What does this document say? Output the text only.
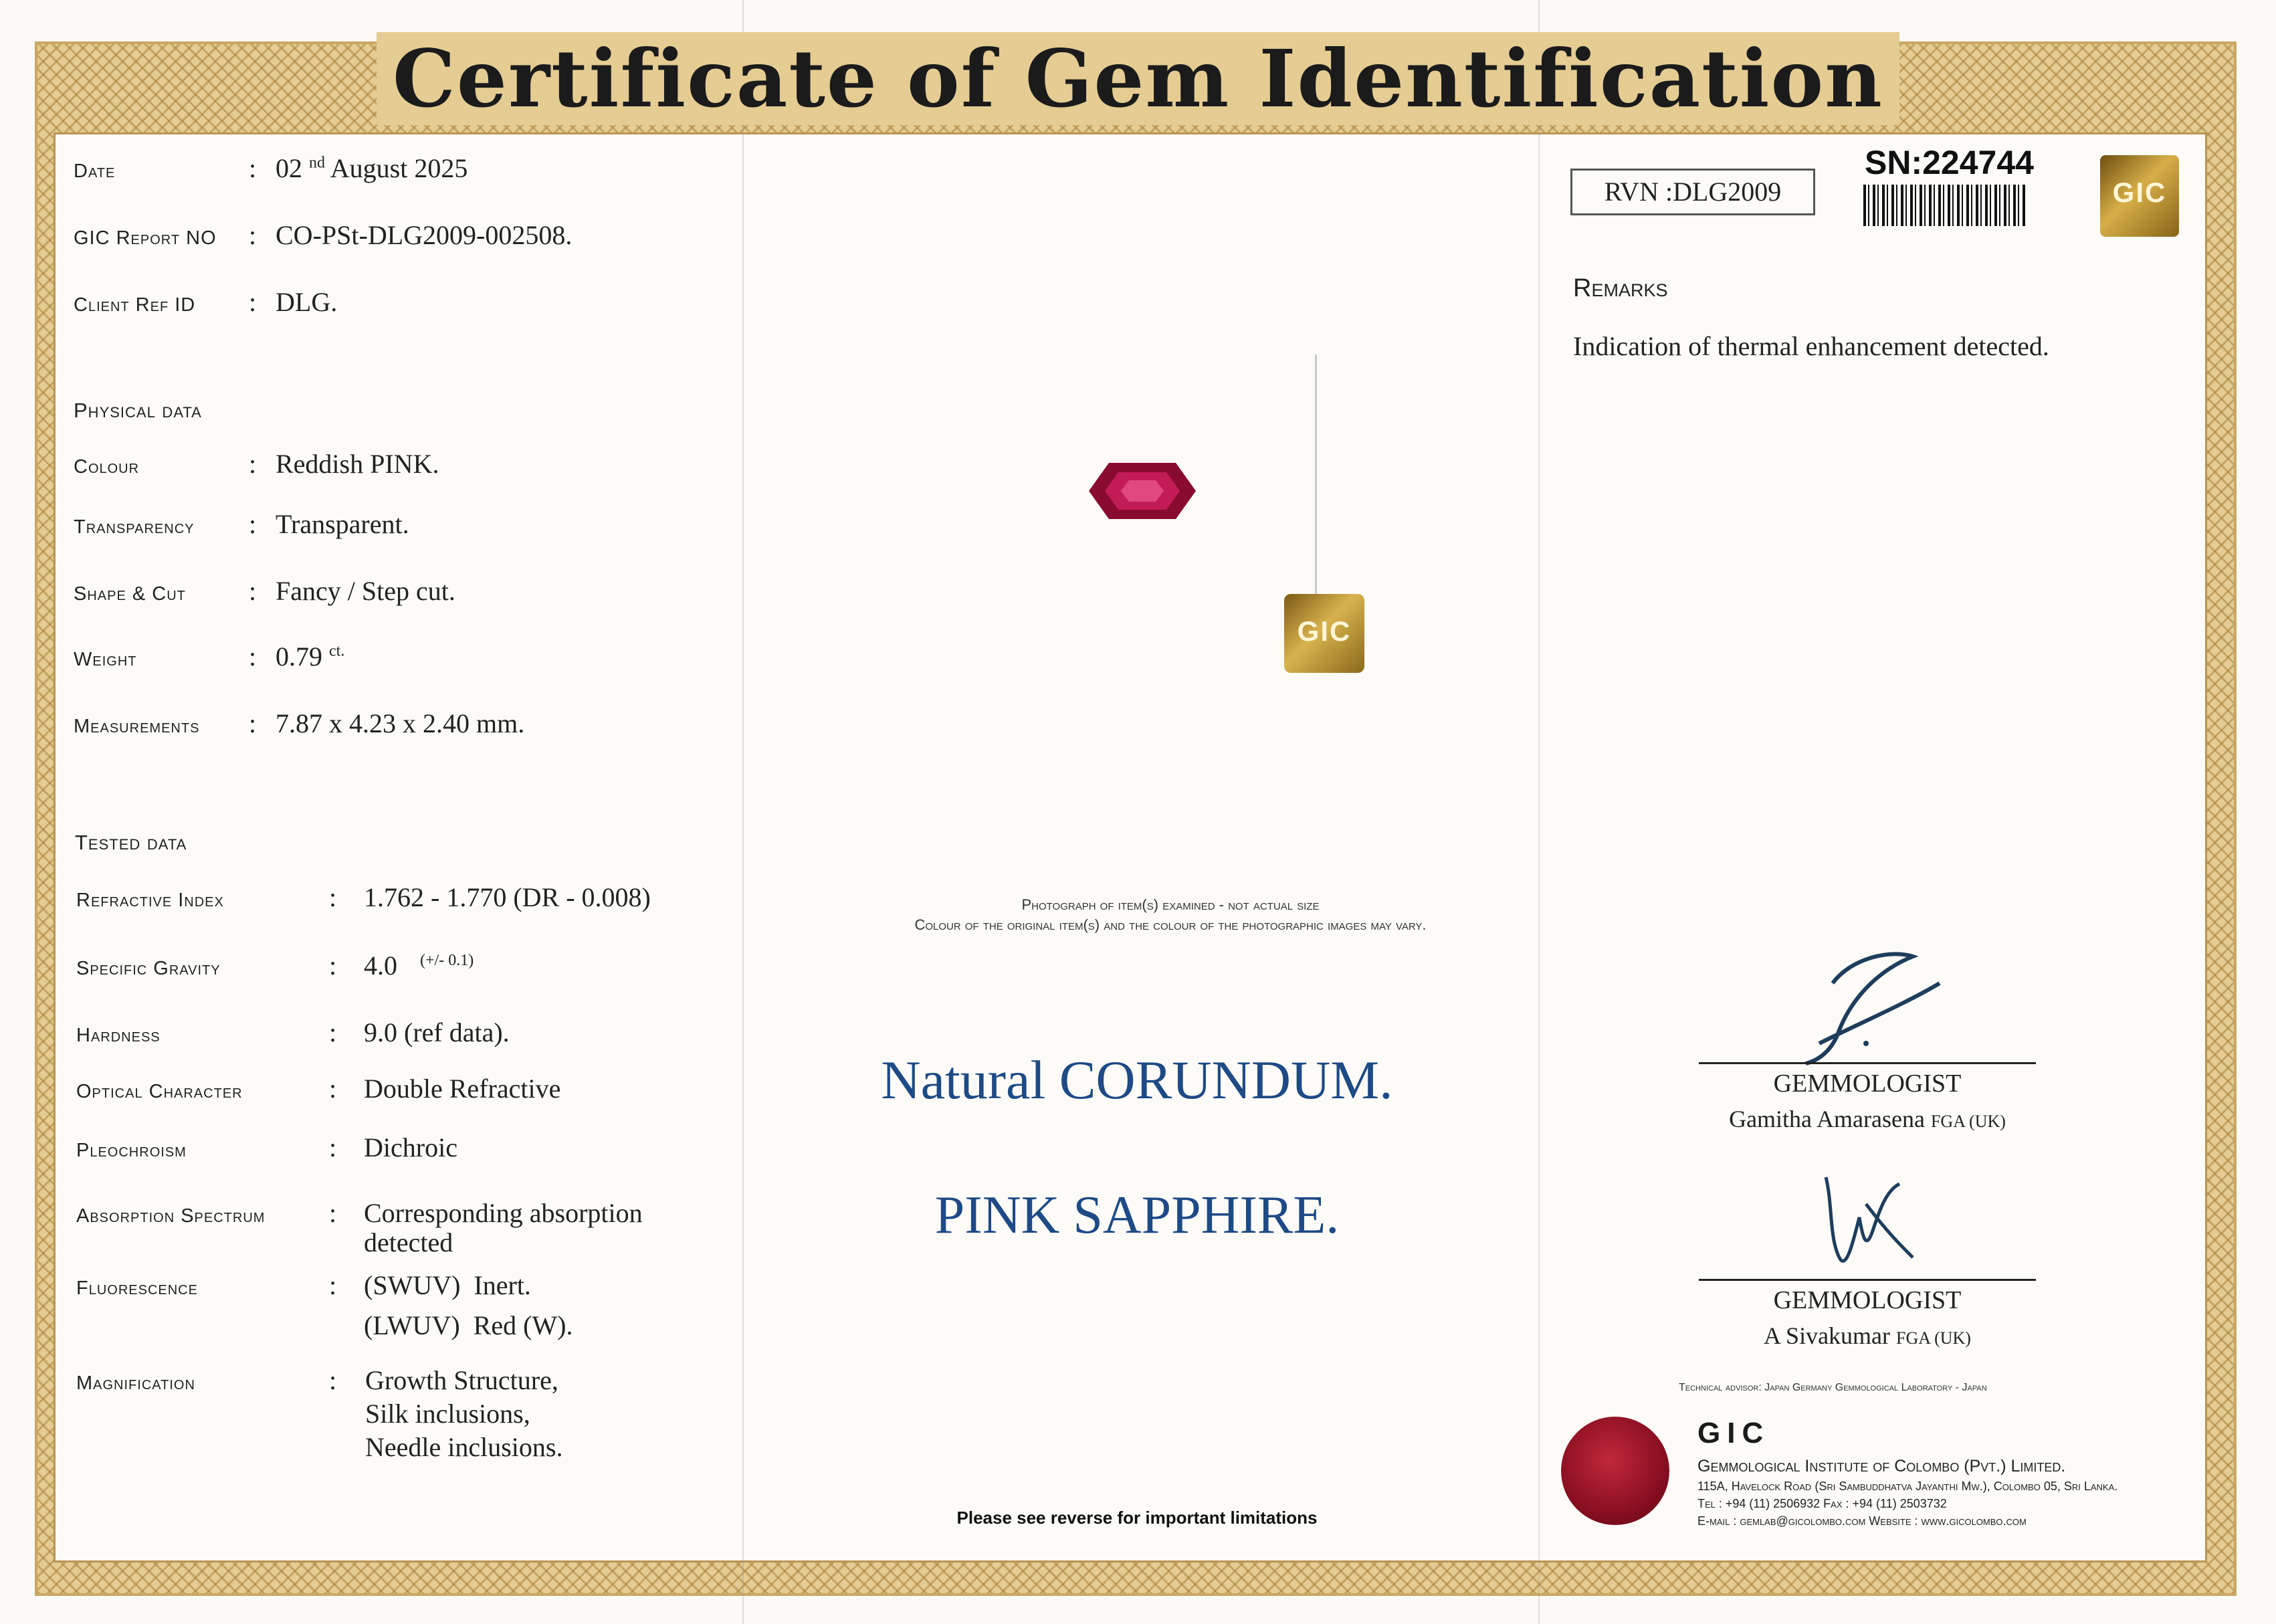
Certificate of Gem Identification
Date	: 02 $^{nd}$ August 2025
GIC Report NO : CO-PSt-DLG2009-002508.
Client Ref ID : DLG.
Physical data
Colour	: Reddish PINK.
Transparency : Transparent.
Shape & Cut : Fancy / Step cut.
Weight	: 0.79 $^{ct.}$
Measurements : 7.87 x 4.23 x 2.40 mm.
Tested data
Refractive Index	: 1.762 - 1.770 (DR - 0.008)
Specific Gravity	: 4.0 $^{(+/- 0.1)}$
Hardness	: 9.0 (ref data).
Optical Character	: Double Refractive
Pleochroism	: Dichroic
Absorption Spectrum : Corresponding absorption
detected
Fluorescence	: (SWUV) Inert.
(LWUV) Red (W).
Magnification	: Growth Structure,
Silk inclusions,
Needle inclusions.
GIC
Photograph of item(s) examined - not actual size
Colour of the original item(s) and the colour of the photographic images may vary.
Natural CORUNDUM.
PINK SAPPHIRE.
Please see reverse for important limitations
RVN :DLG2009
SN:224744
GIC
Remarks
Indication of thermal enhancement detected.
GEMMOLOGIST
Gamitha Amarasena FGA (UK)
GEMMOLOGIST
A Sivakumar FGA (UK)
Technical advisor: Japan Germany Gemmological Laboratory - Japan
GIC
Gemmological Institute of Colombo (Pvt.) Limited.
115A, Havelock Road (Sri Sambuddhatva Jayanthi Mw.), Colombo 05, Sri Lanka.
Tel : +94 (11) 2506932 Fax : +94 (11) 2503732
E-mail : gemlab@gicolombo.com Website : www.gicolombo.com
